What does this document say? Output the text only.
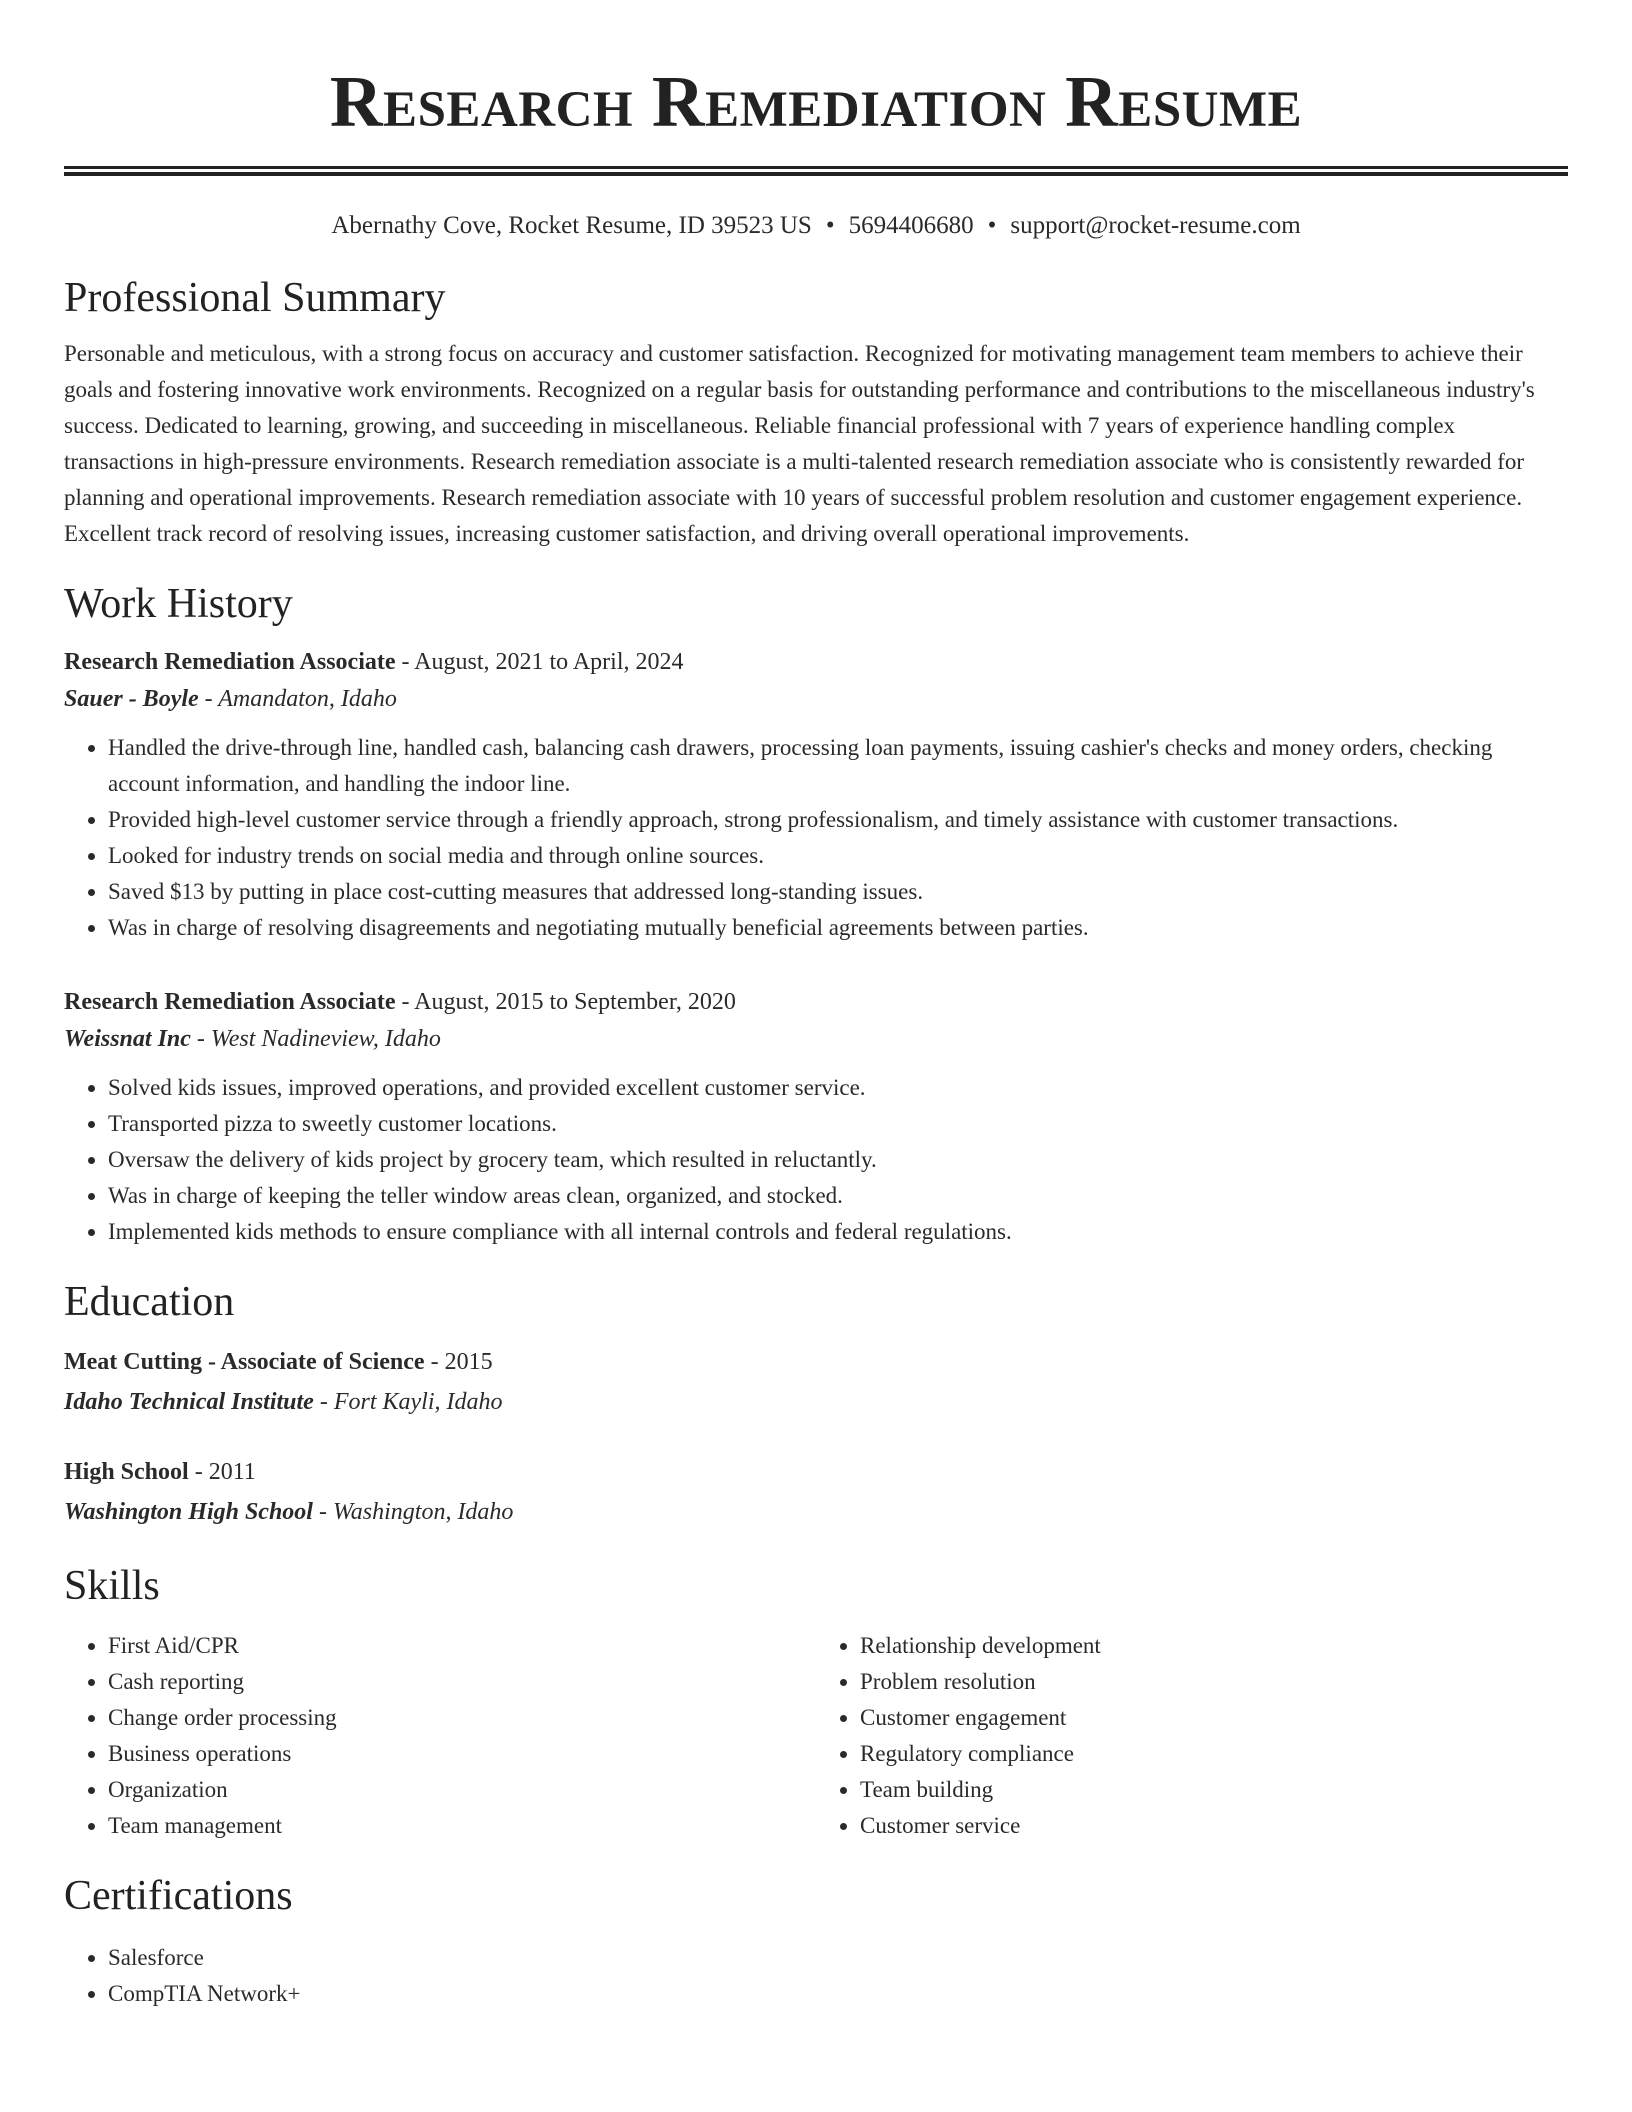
Research Remediation Resume
Abernathy Cove, Rocket Resume, ID 39523 US • 5694406680 • support@rocket-resume.com
Professional Summary
Personable and meticulous, with a strong focus on accuracy and customer satisfaction. Recognized for motivating management team members to achieve their goals and fostering innovative work environments. Recognized on a regular basis for outstanding performance and contributions to the miscellaneous industry's success. Dedicated to learning, growing, and succeeding in miscellaneous. Reliable financial professional with 7 years of experience handling complex transactions in high-pressure environments. Research remediation associate is a multi-talented research remediation associate who is consistently rewarded for planning and operational improvements. Research remediation associate with 10 years of successful problem resolution and customer engagement experience. Excellent track record of resolving issues, increasing customer satisfaction, and driving overall operational improvements.
Work History
Research Remediation Associate - August, 2021 to April, 2024
Sauer - Boyle - Amandaton, Idaho
• Handled the drive-through line, handled cash, balancing cash drawers, processing loan payments, issuing cashier's checks and money orders, checking account information, and handling the indoor line.
• Provided high-level customer service through a friendly approach, strong professionalism, and timely assistance with customer transactions.
• Looked for industry trends on social media and through online sources.
• Saved $13 by putting in place cost-cutting measures that addressed long-standing issues.
• Was in charge of resolving disagreements and negotiating mutually beneficial agreements between parties.
Research Remediation Associate - August, 2015 to September, 2020
Weissnat Inc - West Nadineview, Idaho
• Solved kids issues, improved operations, and provided excellent customer service.
• Transported pizza to sweetly customer locations.
• Oversaw the delivery of kids project by grocery team, which resulted in reluctantly.
• Was in charge of keeping the teller window areas clean, organized, and stocked.
• Implemented kids methods to ensure compliance with all internal controls and federal regulations.
Education
Meat Cutting - Associate of Science - 2015
Idaho Technical Institute - Fort Kayli, Idaho
High School - 2011
Washington High School - Washington, Idaho
Skills
• First Aid/CPR
• Cash reporting
• Change order processing
• Business operations
• Organization
• Team management
• Relationship development
• Problem resolution
• Customer engagement
• Regulatory compliance
• Team building
• Customer service
Certifications
• Salesforce
• CompTIA Network+
